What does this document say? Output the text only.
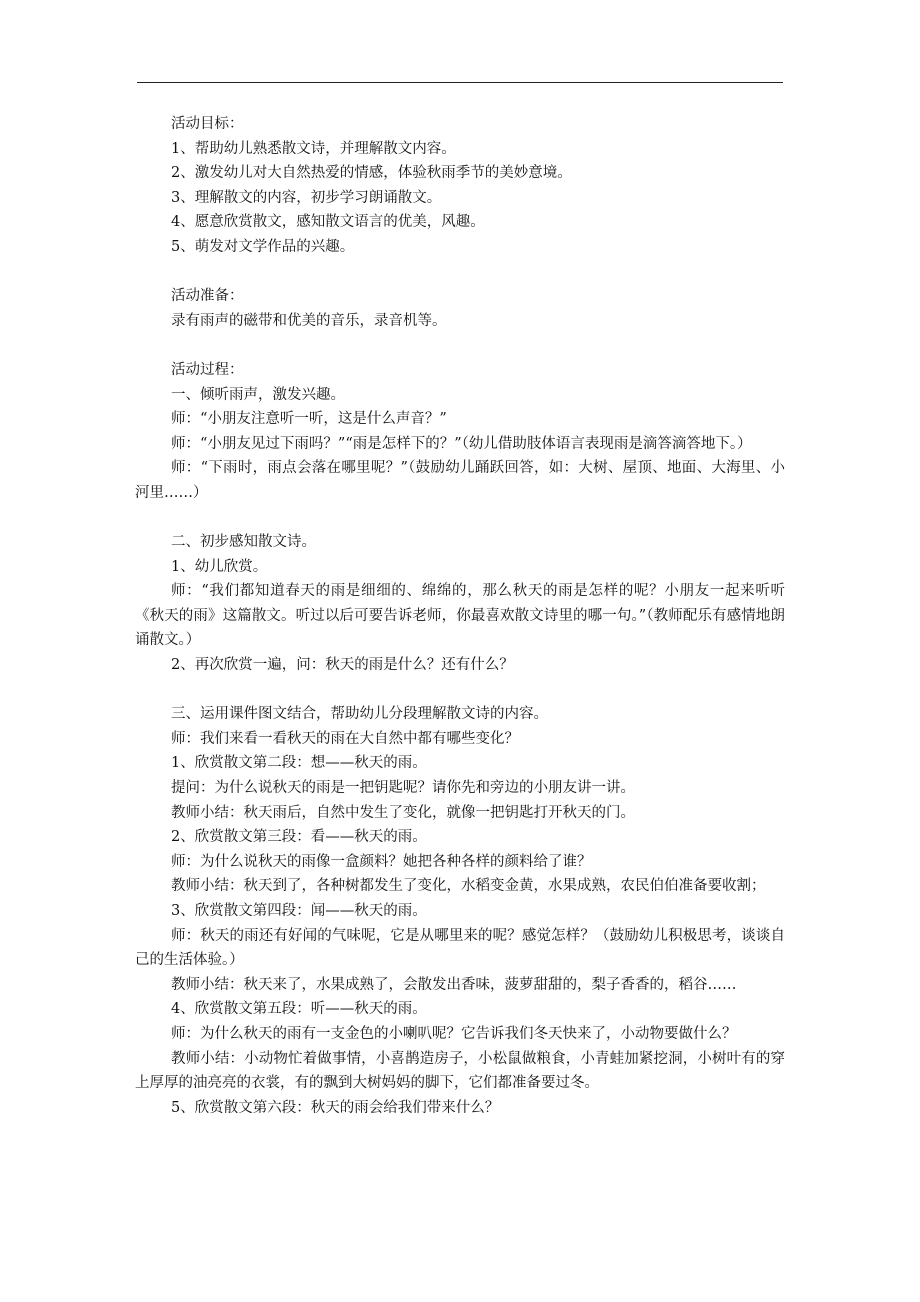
活动目标：
1、帮助幼儿熟悉散文诗，并理解散文内容。
2、激发幼儿对大自然热爱的情感，体验秋雨季节的美妙意境。
3、理解散文的内容，初步学习朗诵散文。
4、愿意欣赏散文，感知散文语言的优美，风趣。
5、萌发对文学作品的兴趣。
活动准备：
录有雨声的磁带和优美的音乐，录音机等。
活动过程：
一、倾听雨声，激发兴趣。
师：“小朋友注意听一听，这是什么声音？”
师：“小朋友见过下雨吗？”“雨是怎样下的？”（幼儿借助肢体语言表现雨是滴答滴答地下。）
师：“下雨时，雨点会落在哪里呢？”（鼓励幼儿踊跃回答，如：大树、屋顶、地面、大海里、小河里……）
二、初步感知散文诗。
1、幼儿欣赏。
师：“我们都知道春天的雨是细细的、绵绵的，那么秋天的雨是怎样的呢？小朋友一起来听听《秋天的雨》这篇散文。听过以后可要告诉老师，你最喜欢散文诗里的哪一句。”（教师配乐有感情地朗诵散文。）
2、再次欣赏一遍，问：秋天的雨是什么？还有什么？
三、运用课件图文结合，帮助幼儿分段理解散文诗的内容。
师：我们来看一看秋天的雨在大自然中都有哪些变化？
1、欣赏散文第二段：想——秋天的雨。
提问：为什么说秋天的雨是一把钥匙呢？请你先和旁边的小朋友讲一讲。
教师小结：秋天雨后，自然中发生了变化，就像一把钥匙打开秋天的门。
2、欣赏散文第三段：看——秋天的雨。
师：为什么说秋天的雨像一盒颜料？她把各种各样的颜料给了谁？
教师小结：秋天到了，各种树都发生了变化，水稻变金黄，水果成熟，农民伯伯准备要收割；
3、欣赏散文第四段：闻——秋天的雨。
师：秋天的雨还有好闻的气味呢，它是从哪里来的呢？感觉怎样？（鼓励幼儿积极思考，谈谈自己的生活体验。）
教师小结：秋天来了，水果成熟了，会散发出香味，菠萝甜甜的，梨子香香的，稻谷……
4、欣赏散文第五段：听——秋天的雨。
师：为什么秋天的雨有一支金色的小喇叭呢？它告诉我们冬天快来了，小动物要做什么？
教师小结：小动物忙着做事情，小喜鹊造房子，小松鼠做粮食，小青蛙加紧挖洞，小树叶有的穿上厚厚的油亮亮的衣裳，有的飘到大树妈妈的脚下，它们都准备要过冬。
5、欣赏散文第六段：秋天的雨会给我们带来什么？
